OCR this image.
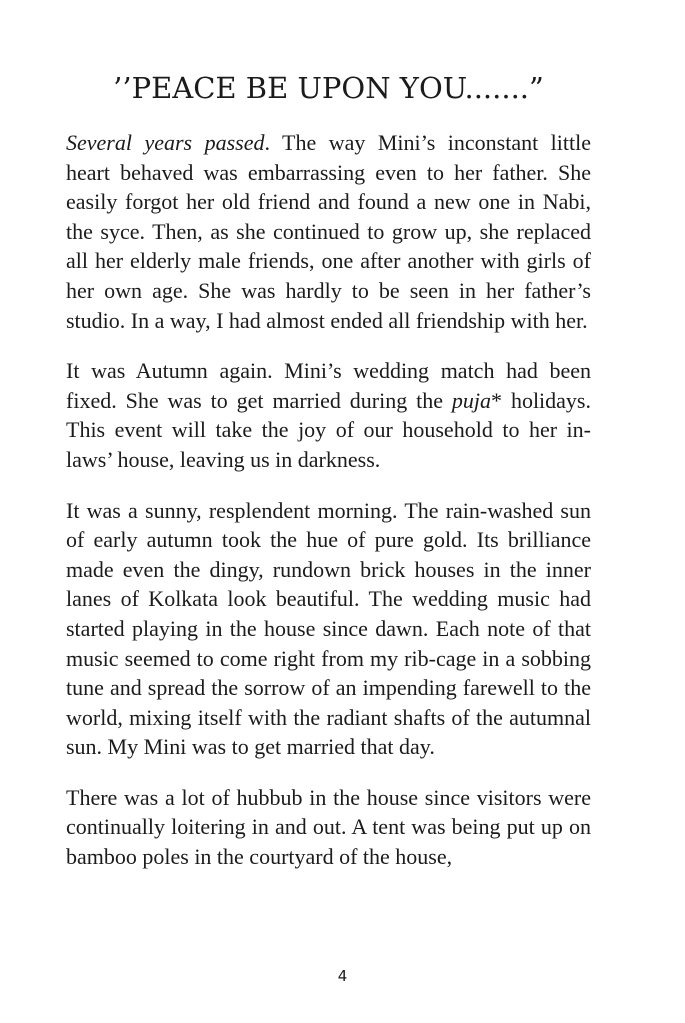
’’PEACE BE UPON YOU.......”

Several years passed. The way Mini’s inconstant little heart behaved was embarrassing even to her father. She easily forgot her old friend and found a new one in Nabi, the syce. Then, as she continued to grow up, she replaced all her elderly male friends, one after another with girls of her own age. She was hardly to be seen in her father’s studio. In a way, I had almost ended all friendship with her.

It was Autumn again. Mini’s wedding match had been fixed. She was to get married during the puja* holidays. This event will take the joy of our household to her in-laws’ house, leaving us in darkness.

It was a sunny, resplendent morning. The rain-washed sun of early autumn took the hue of pure gold. Its brilliance made even the dingy, rundown brick houses in the inner lanes of Kolkata look beautiful. The wedding music had started playing in the house since dawn. Each note of that music seemed to come right from my rib-cage in a sobbing tune and spread the sorrow of an impending farewell to the world, mixing itself with the radiant shafts of the autumnal sun. My Mini was to get married that day.

There was a lot of hubbub in the house since visitors were continually loitering in and out. A tent was being put up on bamboo poles in the courtyard of the house,

4
